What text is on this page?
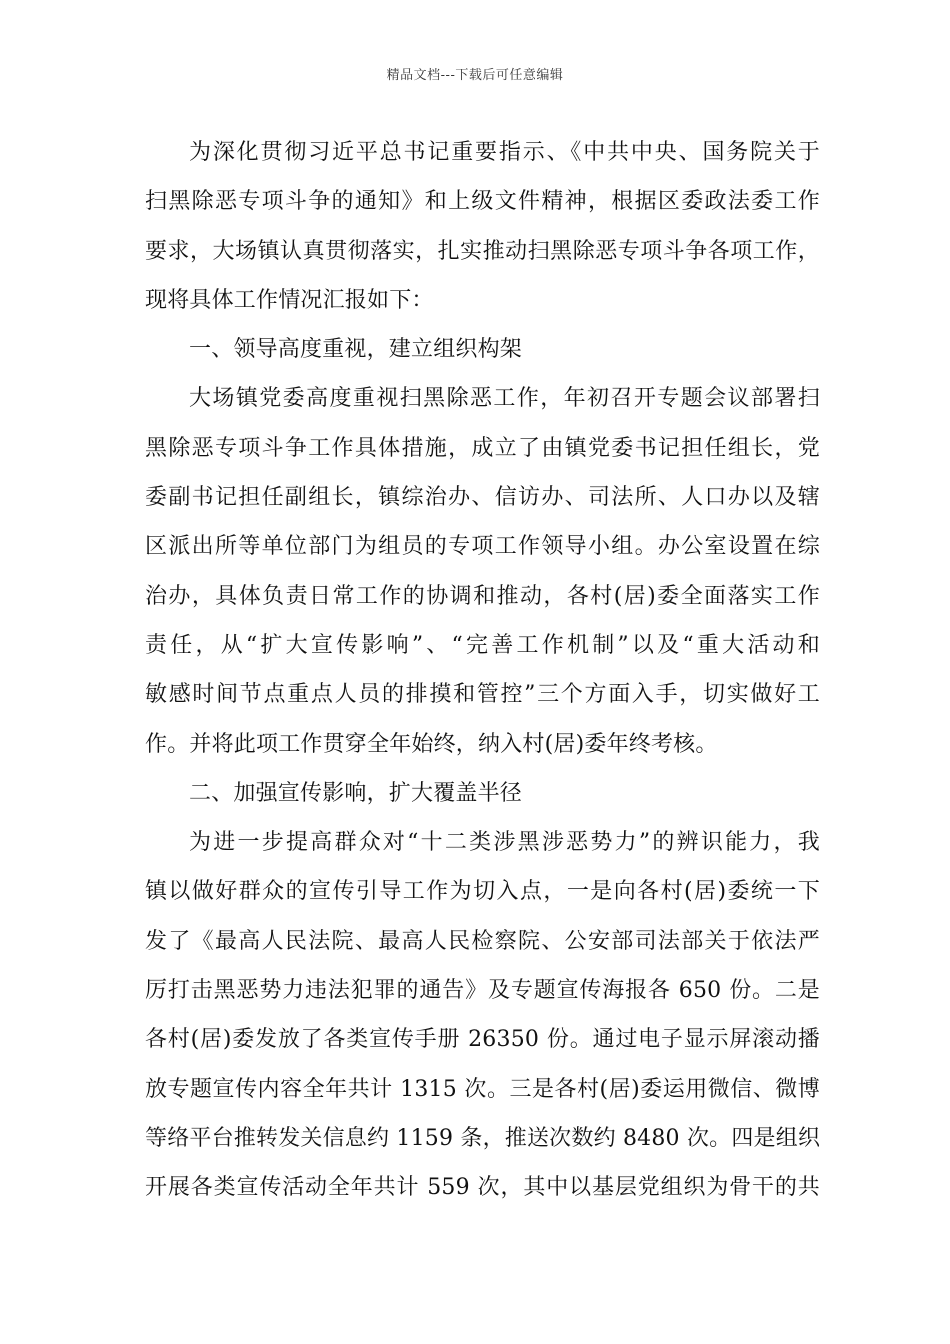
精品文档---下载后可任意编辑
为深化贯彻习近平总书记重要指示、《中共中央、国务院关于
扫黑除恶专项斗争的通知》和上级文件精神，根据区委政法委工作
要求，大场镇认真贯彻落实，扎实推动扫黑除恶专项斗争各项工作，
现将具体工作情况汇报如下：
一、领导高度重视，建立组织构架
大场镇党委高度重视扫黑除恶工作，年初召开专题会议部署扫
黑除恶专项斗争工作具体措施，成立了由镇党委书记担任组长，党
委副书记担任副组长，镇综治办、信访办、司法所、人口办以及辖
区派出所等单位部门为组员的专项工作领导小组。办公室设置在综
治办，具体负责日常工作的协调和推动，各村(居)委全面落实工作
责任，从“扩大宣传影响”、“完善工作机制”以及“重大活动和
敏感时间节点重点人员的排摸和管控”三个方面入手，切实做好工
作。并将此项工作贯穿全年始终，纳入村(居)委年终考核。
二、加强宣传影响，扩大覆盖半径
为进一步提高群众对“十二类涉黑涉恶势力”的辨识能力，我
镇以做好群众的宣传引导工作为切入点，一是向各村(居)委统一下
发了《最高人民法院、最高人民检察院、公安部司法部关于依法严
厉打击黑恶势力违法犯罪的通告》及专题宣传海报各 650 份。二是
各村(居)委发放了各类宣传手册 26350 份。通过电子显示屏滚动播
放专题宣传内容全年共计 1315 次。三是各村(居)委运用微信、微博
等络平台推转发关信息约 1159 条，推送次数约 8480 次。四是组织
开展各类宣传活动全年共计 559 次，其中以基层党组织为骨干的共
